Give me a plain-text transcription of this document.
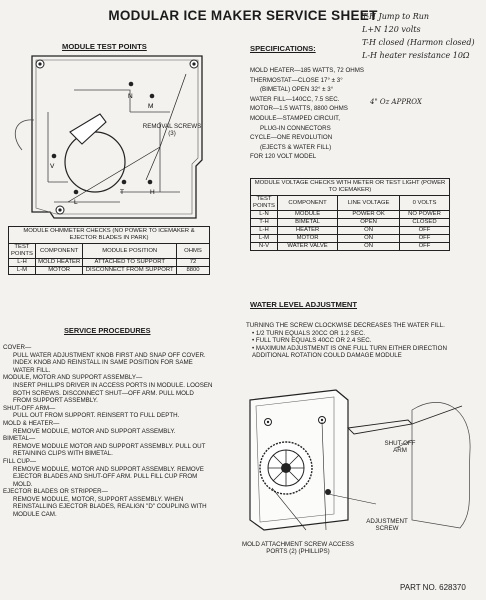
MODULAR ICE MAKER SERVICE SHEET
T-H Jump to Run
L+N 120 volts
T-H closed (Harmon closed)
L-H heater resistance 10Ω
MODULE TEST POINTS
N
M
V
L
T	H
REMOVAL SCREWS (3)
MODULE OHMMETER CHECKS (NO POWER TO ICEMAKER & EJECTOR BLADES IN PARK)
TEST POINTS	COMPONENT	MODULE POSITION	OHMS
L-H	MOLD HEATER	ATTACHED TO SUPPORT	72
L-M	MOTOR	DISCONNECT FROM SUPPORT	8800
SPECIFICATIONS:
MOLD HEATER—185 WATTS, 72 OHMS
THERMOSTAT—CLOSE 17° ± 3°
(BIMETAL) OPEN 32° ± 3°
WATER FILL—140CC, 7.5 SEC.
MOTOR—1.5 WATTS, 8800 OHMS
MODULE—STAMPED CIRCUIT,
PLUG-IN CONNECTORS
CYCLE—ONE REVOLUTION
(EJECTS & WATER FILL)
FOR 120 VOLT MODEL
4" Oz APPROX
MODULE VOLTAGE CHECKS WITH METER OR TEST LIGHT (POWER TO ICEMAKER)
TEST POINTS	COMPONENT	LINE VOLTAGE	0 VOLTS
L-N	MODULE	POWER OK	NO POWER
T-H	BIMETAL	OPEN	CLOSED
L-H	HEATER	ON	OFF
L-M	MOTOR	ON	OFF
N-V	WATER VALVE	ON	OFF
WATER LEVEL ADJUSTMENT
TURNING THE SCREW CLOCKWISE DECREASES THE WATER FILL.
• 1/2 TURN EQUALS 20CC OR 1.2 SEC.
• FULL TURN EQUALS 40CC OR 2.4 SEC.
• MAXIMUM ADJUSTMENT IS ONE FULL TURN EITHER DIRECTION ADDITIONAL ROTATION COULD DAMAGE MODULE
SERVICE PROCEDURES
COVER—
PULL WATER ADJUSTMENT KNOB FIRST AND SNAP OFF COVER. INDEX KNOB AND REINSTALL IN SAME POSITION FOR SAME WATER FILL.
MODULE, MOTOR AND SUPPORT ASSEMBLY—
INSERT PHILLIPS DRIVER IN ACCESS PORTS IN MODULE. LOOSEN BOTH SCREWS. DISCONNECT SHUT—OFF ARM. PULL MOLD FROM SUPPORT ASSEMBLY.
SHUT-OFF ARM—
PULL OUT FROM SUPPORT. REINSERT TO FULL DEPTH.
MOLD & HEATER—
REMOVE MODULE, MOTOR AND SUPPORT ASSEMBLY.
BIMETAL—
REMOVE MODULE MOTOR AND SUPPORT ASSEMBLY. PULL OUT RETAINING CLIPS WITH BIMETAL.
FILL CUP—
REMOVE MODULE, MOTOR AND SUPPORT ASSEMBLY. REMOVE EJECTOR BLADES AND SHUT-OFF ARM. PULL FILL CUP FROM MOLD.
EJECTOR BLADES OR STRIPPER—
REMOVE MODULE, MOTOR, SUPPORT ASSEMBLY. WHEN REINSTALLING EJECTOR BLADES, REALIGN "D" COUPLING WITH MODULE CAM.
SHUT-OFF ARM
ADJUSTMENT SCREW
MOLD ATTACHMENT SCREW ACCESS PORTS (2) (PHILLIPS)
PART NO. 628370
